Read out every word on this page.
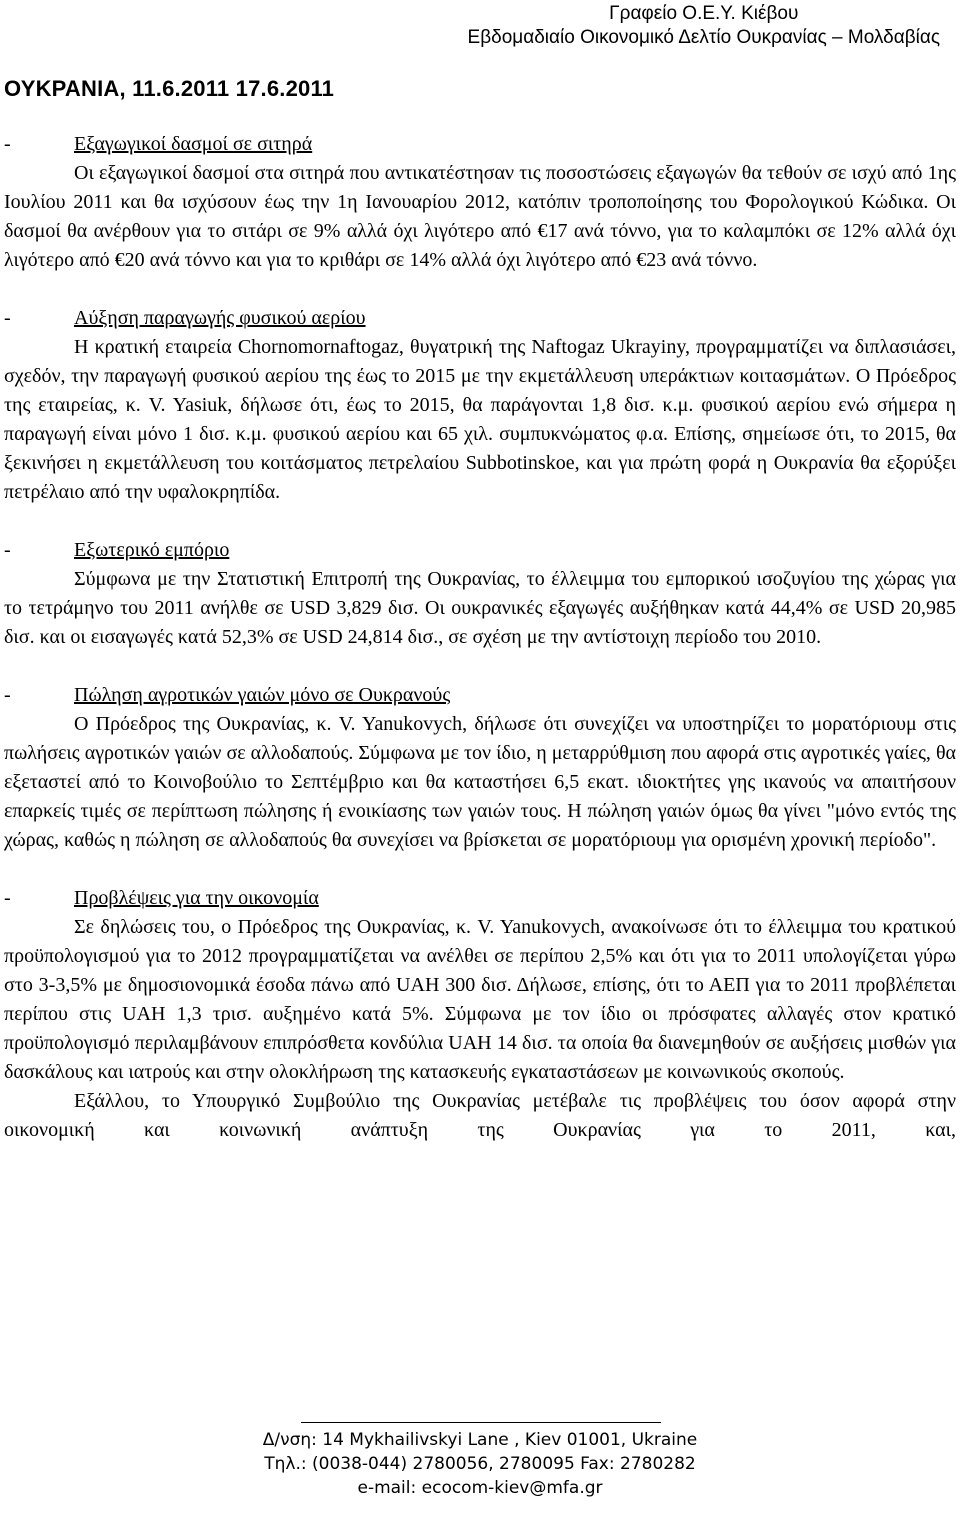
Γραφείο Ο.Ε.Υ. Κιέβου
Εβδομαδιαίο Οικονομικό Δελτίο Ουκρανίας – Μολδαβίας
ΟΥΚΡΑΝΙΑ, 11.6.2011 17.6.2011
-	Εξαγωγικοί δασμοί σε σιτηρά

Οι εξαγωγικοί δασμοί στα σιτηρά που αντικατέστησαν τις ποσοστώσεις εξαγωγών θα τεθούν σε ισχύ από 1ης Ιουλίου 2011 και θα ισχύσουν έως την 1η Ιανουαρίου 2012, κατόπιν τροποποίησης του Φορολογικού Κώδικα. Οι δασμοί θα ανέρθουν για το σιτάρι σε 9% αλλά όχι λιγότερο από €17 ανά τόννο, για το καλαμπόκι σε 12% αλλά όχι λιγότερο από €20 ανά τόννο και για το κριθάρι σε 14% αλλά όχι λιγότερο από €23 ανά τόννο.

-	Αύξηση παραγωγής φυσικού αερίου

Η κρατική εταιρεία Chornomornaftogaz, θυγατρική της Naftogaz Ukrayiny, προγραμματίζει να διπλασιάσει, σχεδόν, την παραγωγή φυσικού αερίου της έως το 2015 με την εκμετάλλευση υπεράκτιων κοιτασμάτων. Ο Πρόεδρος της εταιρείας, κ. V. Yasiuk, δήλωσε ότι, έως το 2015, θα παράγονται 1,8 δισ. κ.μ. φυσικού αερίου ενώ σήμερα η παραγωγή είναι μόνο 1 δισ. κ.μ. φυσικού αερίου και 65 χιλ. συμπυκνώματος φ.α. Επίσης, σημείωσε ότι, το 2015, θα ξεκινήσει η εκμετάλλευση του κοιτάσματος πετρελαίου Subbotinskoe, και για πρώτη φορά η Ουκρανία θα εξορύξει πετρέλαιο από την υφαλοκρηπίδα.

-	Εξωτερικό εμπόριο

Σύμφωνα με την Στατιστική Επιτροπή της Ουκρανίας, το έλλειμμα του εμπορικού ισοζυγίου της χώρας για το τετράμηνο του 2011 ανήλθε σε USD 3,829 δισ. Οι ουκρανικές εξαγωγές αυξήθηκαν κατά 44,4% σε USD 20,985 δισ. και οι εισαγωγές κατά 52,3% σε USD 24,814 δισ., σε σχέση με την αντίστοιχη περίοδο του 2010.

-	Πώληση αγροτικών γαιών μόνο σε Ουκρανούς

Ο Πρόεδρος της Ουκρανίας, κ. V. Yanukovych, δήλωσε ότι συνεχίζει να υποστηρίζει το μορατόριουμ στις πωλήσεις αγροτικών γαιών σε αλλοδαπούς. Σύμφωνα με τον ίδιο, η μεταρρύθμιση που αφορά στις αγροτικές γαίες, θα εξεταστεί από το Κοινοβούλιο το Σεπτέμβριο και θα καταστήσει 6,5 εκατ. ιδιοκτήτες γης ικανούς να απαιτήσουν επαρκείς τιμές σε περίπτωση πώλησης ή ενοικίασης των γαιών τους. Η πώληση γαιών όμως θα γίνει "μόνο εντός της χώρας, καθώς η πώληση σε αλλοδαπούς θα συνεχίσει να βρίσκεται σε μορατόριουμ για ορισμένη χρονική περίοδο".

-	Προβλέψεις για την οικονομία

Σε δηλώσεις του, ο Πρόεδρος της Ουκρανίας, κ. V. Yanukovych, ανακοίνωσε ότι το έλλειμμα του κρατικού προϋπολογισμού για το 2012 προγραμματίζεται να ανέλθει σε περίπου 2,5% και ότι για το 2011 υπολογίζεται γύρω στο 3-3,5% με δημοσιονομικά έσοδα πάνω από UAH 300 δισ. Δήλωσε, επίσης, ότι το ΑΕΠ για το 2011 προβλέπεται περίπου στις UAH 1,3 τρισ. αυξημένο κατά 5%. Σύμφωνα με τον ίδιο οι πρόσφατες αλλαγές στον κρατικό προϋπολογισμό περιλαμβάνουν επιπρόσθετα κονδύλια UAH 14 δισ. τα οποία θα διανεμηθούν σε αυξήσεις μισθών για δασκάλους και ιατρούς και στην ολοκλήρωση της κατασκευής εγκαταστάσεων με κοινωνικούς σκοπούς.

Εξάλλου, το Υπουργικό Συμβούλιο της Ουκρανίας μετέβαλε τις προβλέψεις του όσον αφορά στην οικονομική και κοινωνική ανάπτυξη της Ουκρανίας για το 2011, και,

Δ/νση: 14 Mykhailivskyi Lane , Kiev 01001, Ukraine
Τηλ.: (0038-044) 2780056, 2780095 Fax: 2780282
e-mail: ecocom-kiev@mfa.gr
